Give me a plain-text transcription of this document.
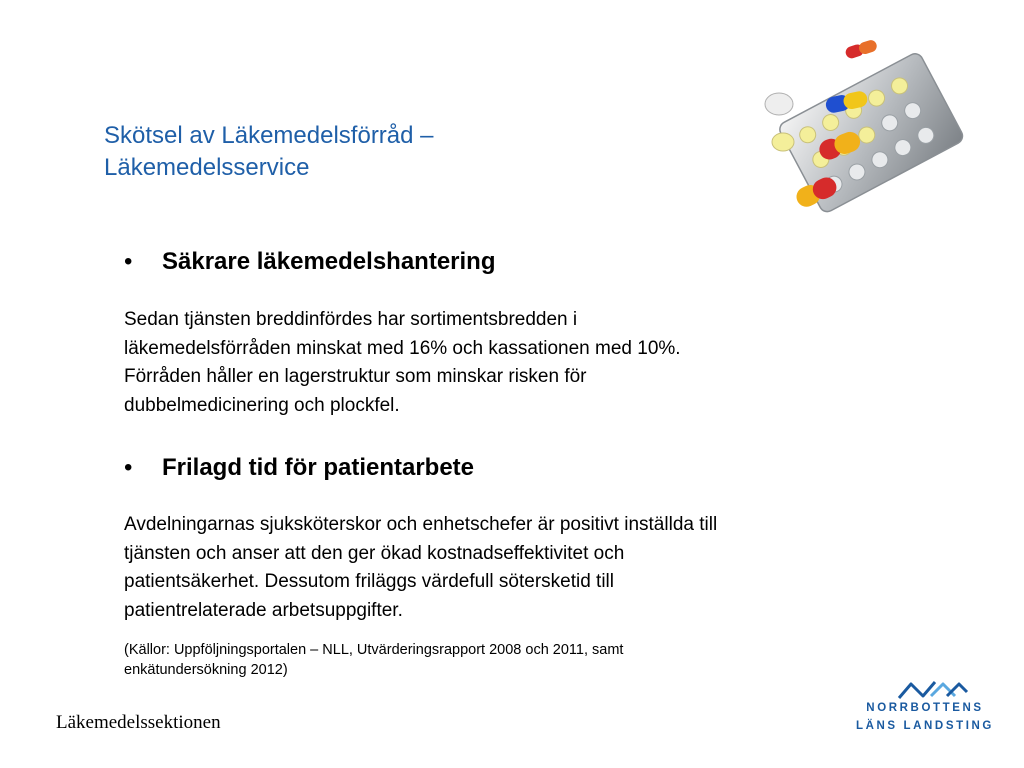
Skötsel av Läkemedelsförråd –
Läkemedelsservice
• Säkrare läkemedelshantering
Sedan tjänsten breddinfördes har sortimentsbredden i
läkemedelsförråden minskat med 16% och kassationen med 10%.
Förråden håller en lagerstruktur som minskar risken för
dubbelmedicinering och plockfel.
• Frilagd tid för patientarbete
Avdelningarnas sjuksköterskor och enhetschefer är positivt inställda till
tjänsten och anser att den ger ökad kostnadseffektivitet och
patientsäkerhet. Dessutom friläggs värdefull sötersketid till
patientrelaterade arbetsuppgifter.
(Källor: Uppföljningsportalen – NLL, Utvärderingsrapport 2008 och 2011, samt
enkätundersökning 2012)
Läkemedelssektionen
NORRBOTTENS
LÄNS LANDSTING
